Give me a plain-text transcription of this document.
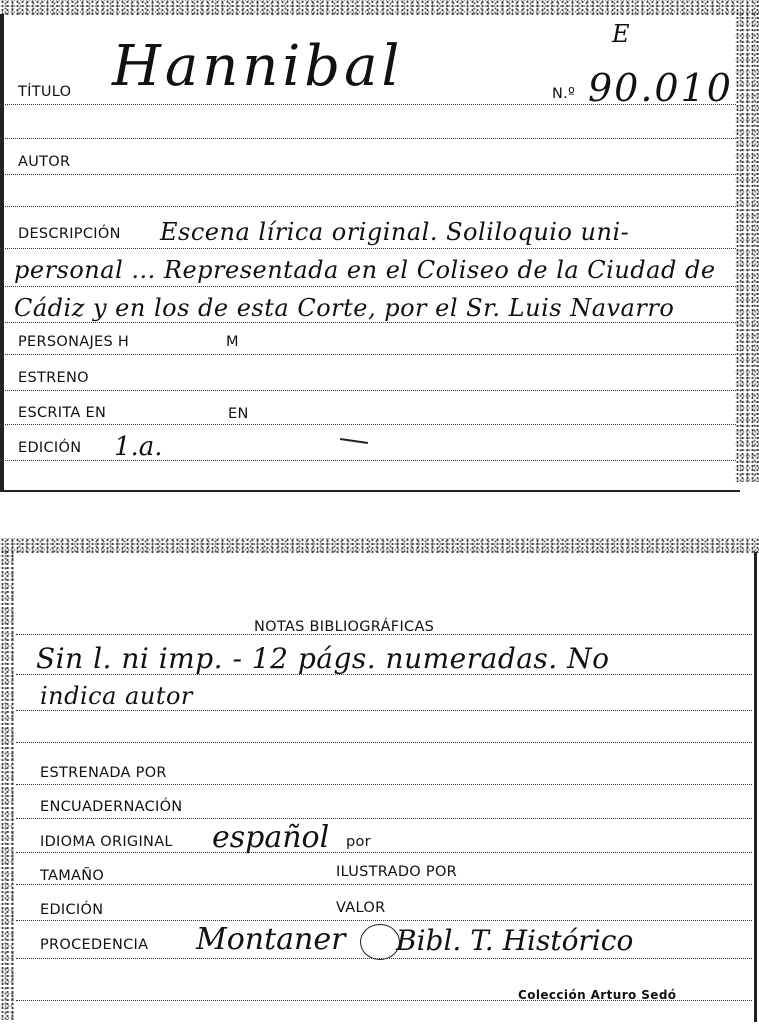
TÍTULO Hannibal	N.º 90.010
E
AUTOR
DESCRIPCIÓN Escena lírica original. Soliloquio uni-
personal ... Representada en el Coliseo de la Ciudad de
Cádiz y en los de esta Corte, por el Sr. Luis Navarro
PERSONAJES H	M
ESTRENO
ESCRITA EN	EN
EDICIÓN 1.a.
NOTAS BIBLIOGRÁFICAS
Sin l. ni imp. - 12 págs. numeradas. No
indica autor
ESTRENADA POR
ENCUADERNACIÓN
IDIOMA ORIGINAL español por
TAMAÑO	ILUSTRADO POR
EDICIÓN	VALOR
PROCEDENCIA Montaner Bibl. T. Histórico
Colección Arturo Sedó
